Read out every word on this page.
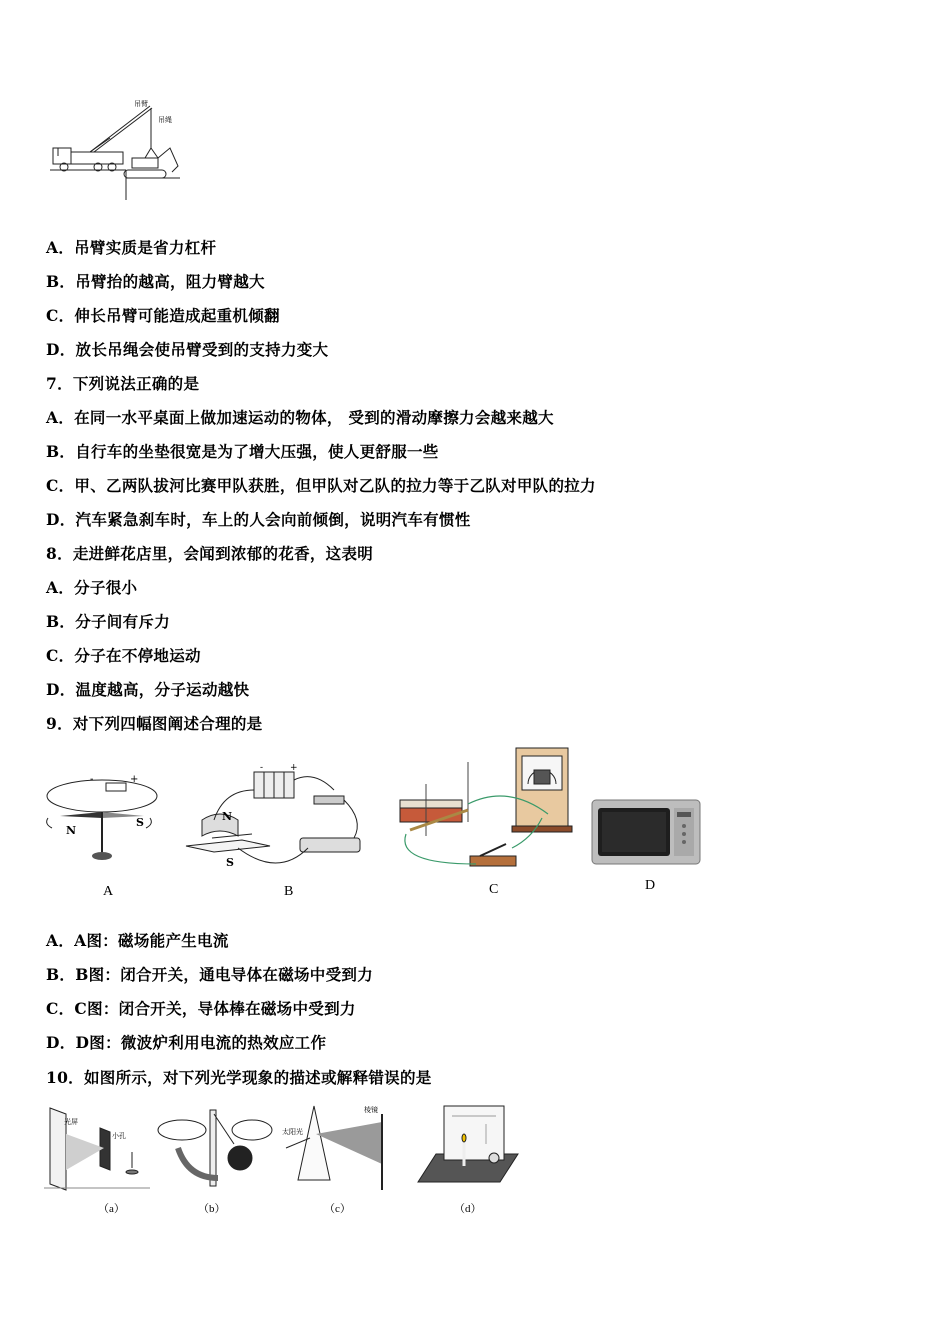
吊臂
吊绳
A．吊臂实质是省力杠杆
B．吊臂抬的越高，阻力臂越大
C．伸长吊臂可能造成起重机倾翻
D．放长吊绳会使吊臂受到的支持力变大
7．下列说法正确的是
A．在同一水平桌面上做加速运动的物体， 受到的滑动摩擦力会越来越大
B．自行车的坐垫很宽是为了增大压强，使人更舒服一些
C．甲、乙两队拔河比赛甲队获胜，但甲队对乙队的拉力等于乙队对甲队的拉力
D．汽车紧急刹车时，车上的人会向前倾倒，说明汽车有惯性
8．走进鲜花店里，会闻到浓郁的花香，这表明
A．分子很小
B．分子间有斥力
C．分子在不停地运动
D．温度越高，分子运动越快
9．对下列四幅图阐述合理的是
-	+
N
S
A
N
S
-	+
B	C	D
A．A图：磁场能产生电流
B．B图：闭合开关，通电导体在磁场中受到力
C．C图：闭合开关，导体棒在磁场中受到力
D．D图：微波炉利用电流的热效应工作
10．如图所示，对下列光学现象的描述或解释错误的是
光屏
小孔
（a）	（b）
太阳光
棱镜
（c）	（d）
